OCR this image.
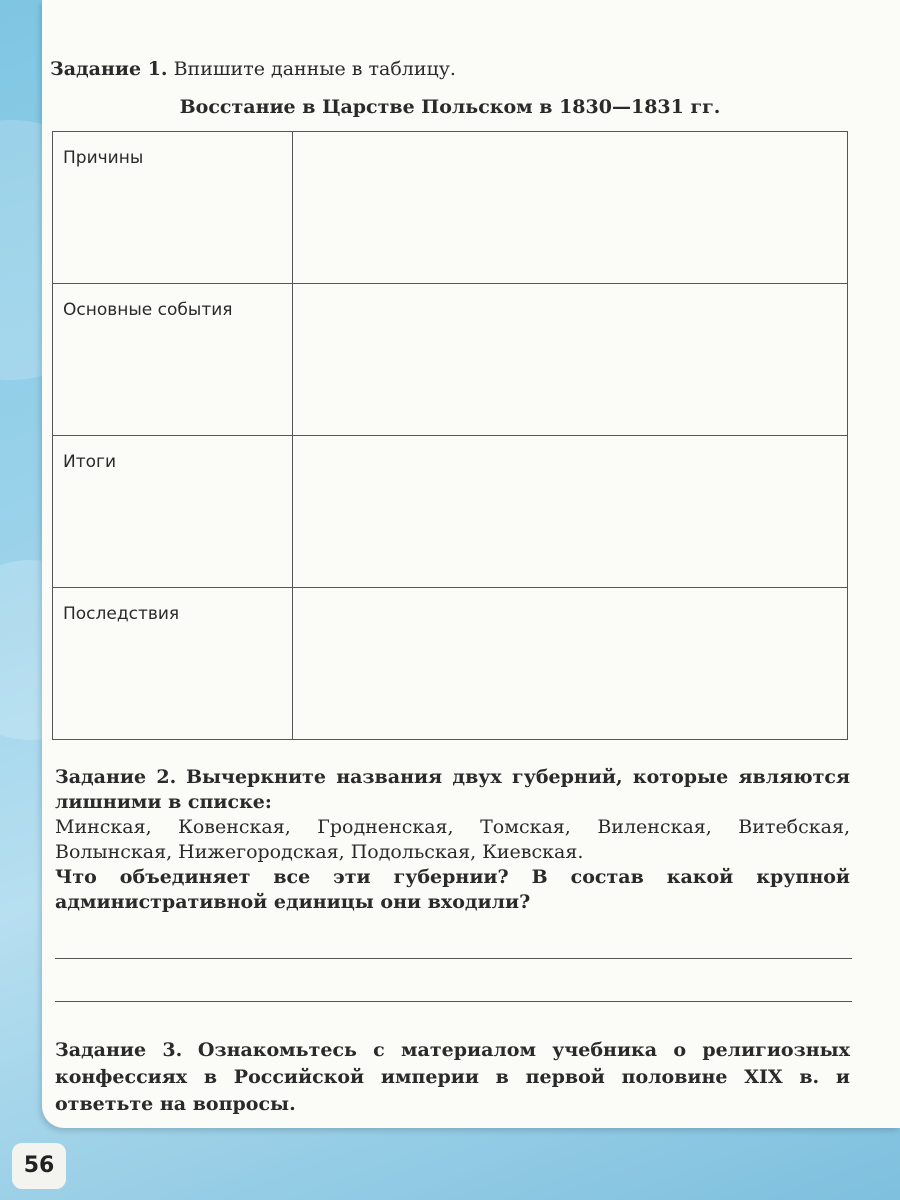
Задание 1. Впишите данные в таблицу.
Восстание в Царстве Польском в 1830—1831 гг.
Причины	
Основные события	
Итоги	
Последствия	

Задание 2. Вычеркните названия двух губерний, которые являются лишними в списке:

Минская, Ковенская, Гродненская, Томская, Виленская, Витебская, Волынская, Нижегородская, Подольская, Киевская.

Что объединяет все эти губернии? В состав какой крупной административной единицы они входили?

Задание 3. Ознакомьтесь с материалом учебника о религиозных конфессиях в Российской империи в первой половине XIX в. и ответьте на вопросы.
56
